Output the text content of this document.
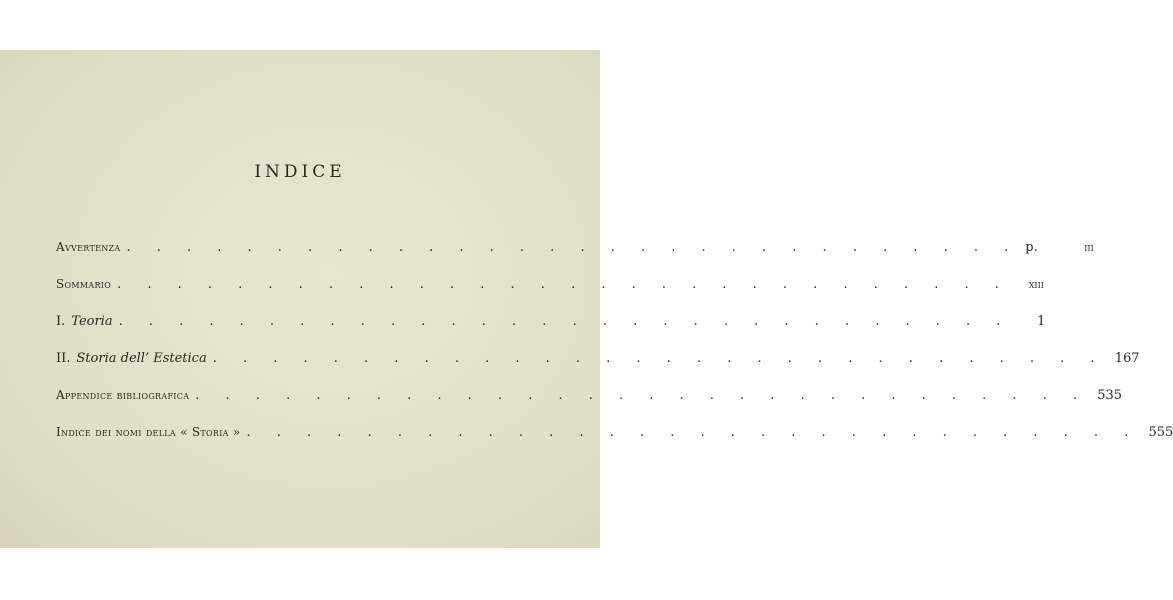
INDICE
Avvertenza . . . . . . . . . . . . . . . . . . . . . . . . . . . . . . p.	iii
Sommario . . . . . . . . . . . . . . . . . . . . . . . . . . . . . .	xiii
I. Teoria . . . . . . . . . . . . . . . . . . . . . . . . . . . . . .	1
II. Storia dell’ Estetica . . . . . . . . . . . . . . . . . . . . . . . . . . . . . . 167
Appendice bibliografica . . . . . . . . . . . . . . . . . . . . . . . . . . . . . . 535
Indice dei nomi della « Storia » . . . . . . . . . . . . . . . . . . . . . . . . . . . . . . 555
